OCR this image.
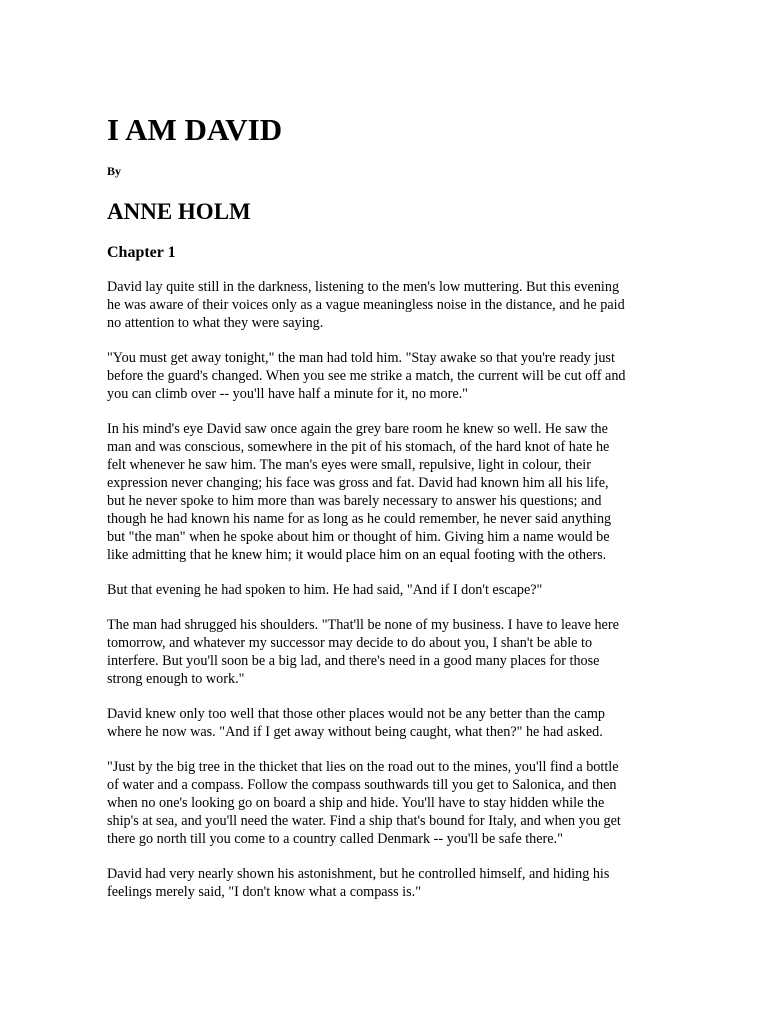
I AM DAVID
By
ANNE HOLM
Chapter 1

David lay quite still in the darkness, listening to the men's low muttering. But this evening
he was aware of their voices only as a vague meaningless noise in the distance, and he paid
no attention to what they were saying.

"You must get away tonight," the man had told him. "Stay awake so that you're ready just
before the guard's changed. When you see me strike a match, the current will be cut off and
you can climb over -- you'll have half a minute for it, no more."

In his mind's eye David saw once again the grey bare room he knew so well. He saw the
man and was conscious, somewhere in the pit of his stomach, of the hard knot of hate he
felt whenever he saw him. The man's eyes were small, repulsive, light in colour, their
expression never changing; his face was gross and fat. David had known him all his life,
but he never spoke to him more than was barely necessary to answer his questions; and
though he had known his name for as long as he could remember, he never said anything
but "the man" when he spoke about him or thought of him. Giving him a name would be
like admitting that he knew him; it would place him on an equal footing with the others.

But that evening he had spoken to him. He had said, "And if I don't escape?"

The man had shrugged his shoulders. "That'll be none of my business. I have to leave here
tomorrow, and whatever my successor may decide to do about you, I shan't be able to
interfere. But you'll soon be a big lad, and there's need in a good many places for those
strong enough to work."

David knew only too well that those other places would not be any better than the camp
where he now was. "And if I get away without being caught, what then?" he had asked.

"Just by the big tree in the thicket that lies on the road out to the mines, you'll find a bottle
of water and a compass. Follow the compass southwards till you get to Salonica, and then
when no one's looking go on board a ship and hide. You'll have to stay hidden while the
ship's at sea, and you'll need the water. Find a ship that's bound for Italy, and when you get
there go north till you come to a country called Denmark -- you'll be safe there."

David had very nearly shown his astonishment, but he controlled himself, and hiding his
feelings merely said, "I don't know what a compass is."
